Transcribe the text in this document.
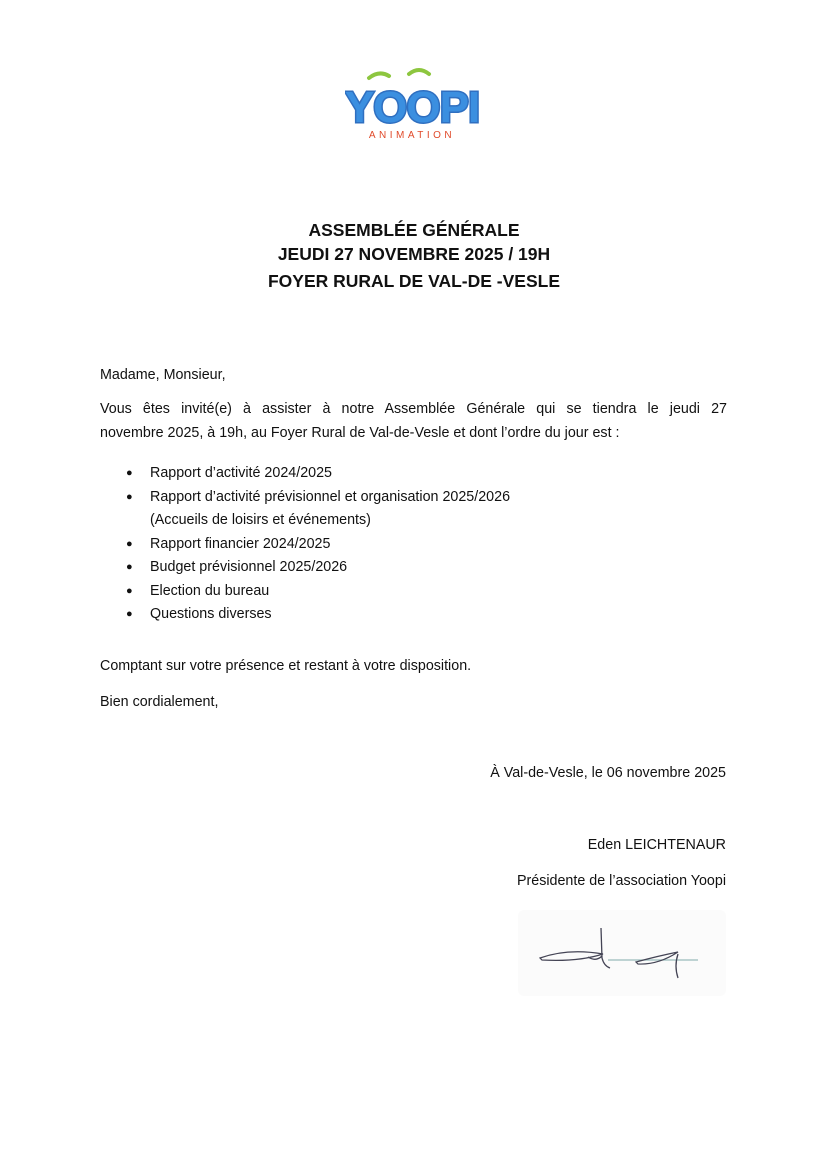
YOOPI
ANIMATION
ASSEMBLÉE GÉNÉRALE
JEUDI 27 NOVEMBRE 2025 / 19H
FOYER RURAL DE VAL-DE -VESLE
Madame, Monsieur,
Vous êtes invité(e) à assister à notre Assemblée Générale qui se tiendra le jeudi 27
novembre 2025, à 19h, au Foyer Rural de Val-de-Vesle et dont l’ordre du jour est :
● Rapport d’activité 2024/2025
● Rapport d’activité prévisionnel et organisation 2025/2026
(Accueils de loisirs et événements)
● Rapport financier 2024/2025
● Budget prévisionnel 2025/2026
● Election du bureau
● Questions diverses
Comptant sur votre présence et restant à votre disposition.
Bien cordialement,
À Val-de-Vesle, le 06 novembre 2025
Eden LEICHTENAUR
Présidente de l’association Yoopi
